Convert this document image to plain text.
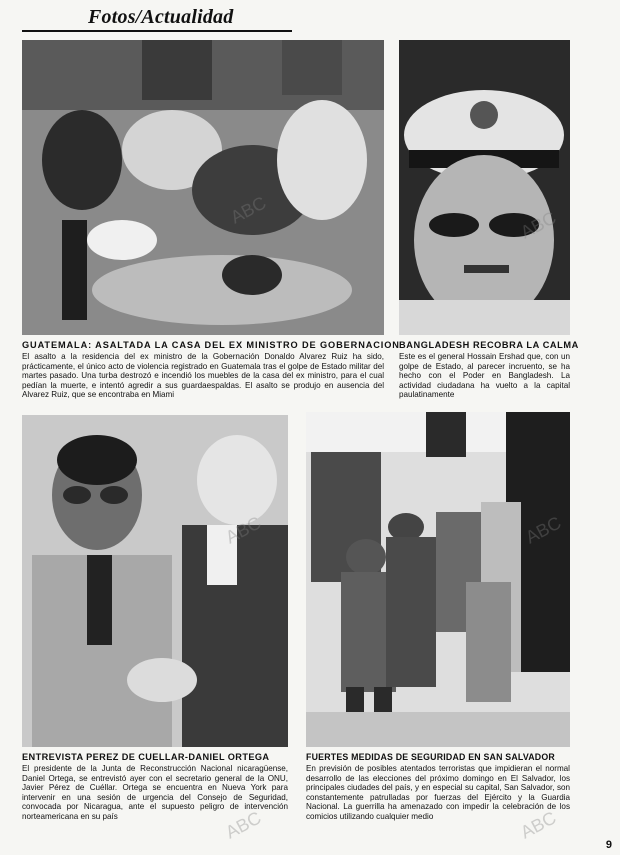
Fotos/Actualidad
GUATEMALA: ASALTADA LA CASA DEL EX MINISTRO DE GOBERNACION
El asalto a la residencia del ex ministro de la Gobernación Donaldo Alvarez Ruiz ha sido, prácticamente, el único acto de violencia registrado en Guatemala tras el golpe de Estado militar del martes pasado. Una turba destrozó e incendió los muebles de la casa del ex ministro, para el cual pedían la muerte, e intentó agredir a sus guardaespaldas. El asalto se produjo en ausencia del Alvarez Ruiz, que se encontraba en Miami
BANGLADESH RECOBRA LA CALMA
Este es el general Hossain Ershad que, con un golpe de Estado, al parecer incruento, se ha hecho con el Poder en Bangladesh. La actividad ciudadana ha vuelto a la capital paulatinamente
ENTREVISTA PEREZ DE CUELLAR-DANIEL ORTEGA
El presidente de la Junta de Reconstrucción Nacional nicaragüense, Daniel Ortega, se entrevistó ayer con el secretario general de la ONU, Javier Pérez de Cuéllar. Ortega se encuentra en Nueva York para intervenir en una sesión de urgencia del Consejo de Seguridad, convocada por Nicaragua, ante el supuesto peligro de intervención norteamericana en su país
FUERTES MEDIDAS DE SEGURIDAD EN SAN SALVADOR
En previsión de posibles atentados terroristas que impidieran el normal desarrollo de las elecciones del próximo domingo en El Salvador, los principales ciudades del país, y en especial su capital, San Salvador, son constantemente patrulladas por fuerzas del Ejército y la Guardia Nacional. La guerrilla ha amenazado con impedir la celebración de los comicios utilizando cualquier medio
ABC	ABC
ABC	ABC
ABC	ABC
9
